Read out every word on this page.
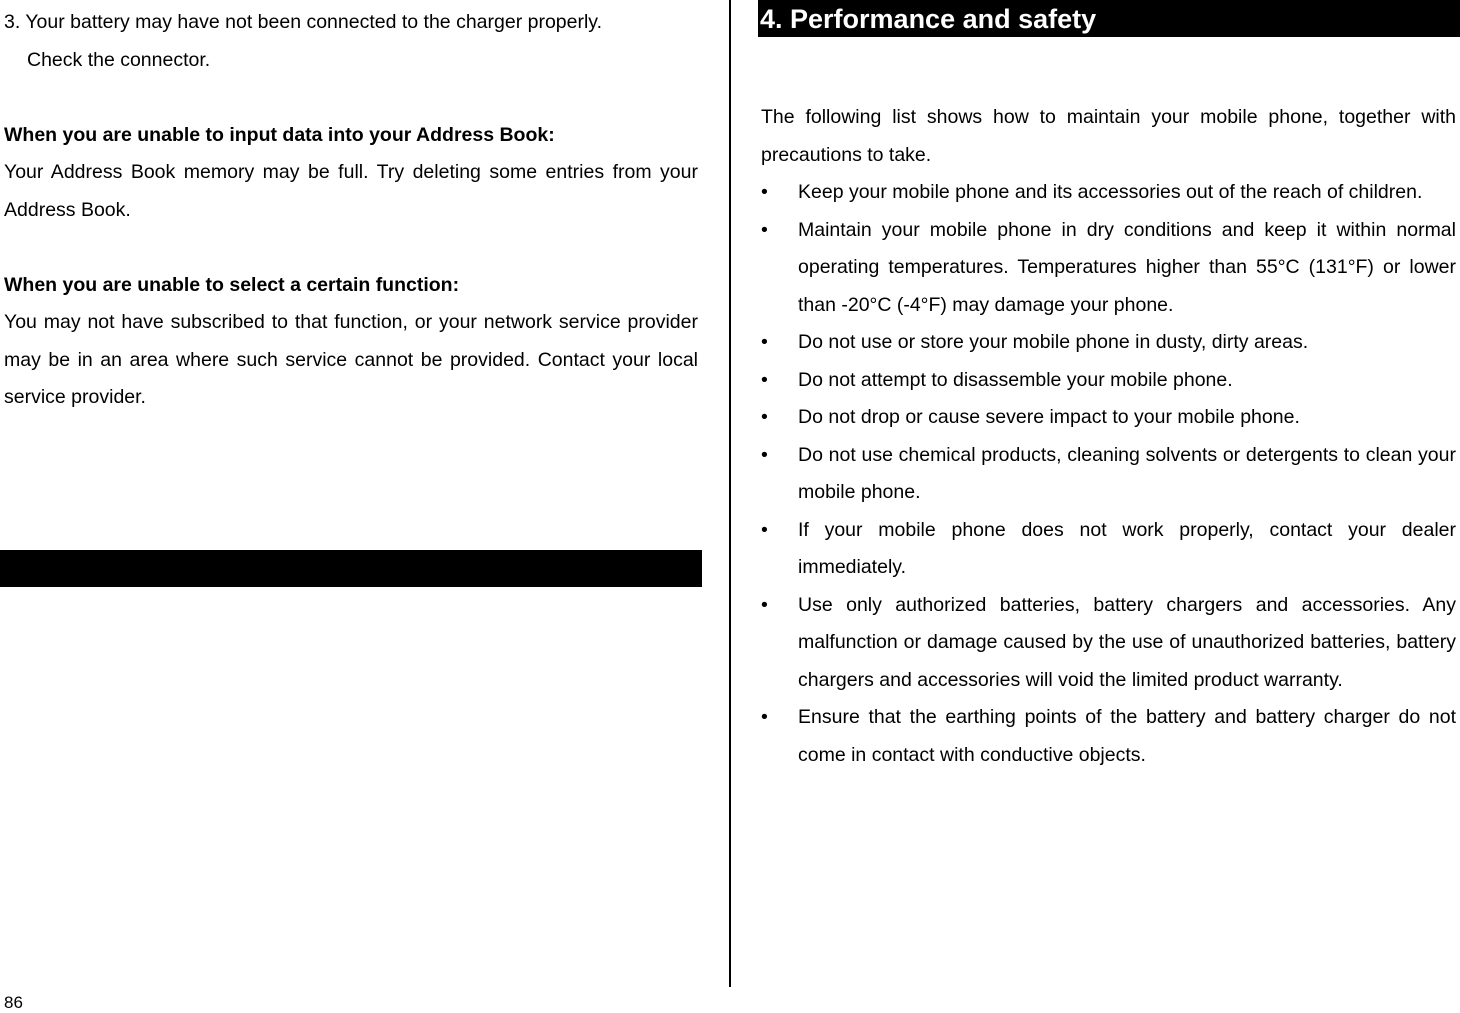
3. Your battery may have not been connected to the charger properly.

Check the connector.

When you are unable to input data into your Address Book:

Your Address Book memory may be full. Try deleting some entries from your Address Book.

When you are unable to select a certain function:

You may not have subscribed to that function, or your network service provider may be in an area where such service cannot be provided. Contact your local service provider.

4. Performance and safety

The following list shows how to maintain your mobile phone, together with precautions to take.

• Keep your mobile phone and its accessories out of the reach of children.
• Maintain your mobile phone in dry conditions and keep it within normal operating temperatures. Temperatures higher than 55°C (131°F) or lower than -20°C (-4°F) may damage your phone.
• Do not use or store your mobile phone in dusty, dirty areas.
• Do not attempt to disassemble your mobile phone.
• Do not drop or cause severe impact to your mobile phone.
• Do not use chemical products, cleaning solvents or detergents to clean your mobile phone.
• If your mobile phone does not work properly, contact your dealer immediately.
• Use only authorized batteries, battery chargers and accessories. Any malfunction or damage caused by the use of unauthorized batteries, battery chargers and accessories will void the limited product warranty.
• Ensure that the earthing points of the battery and battery charger do not come in contact with conductive objects.
86
